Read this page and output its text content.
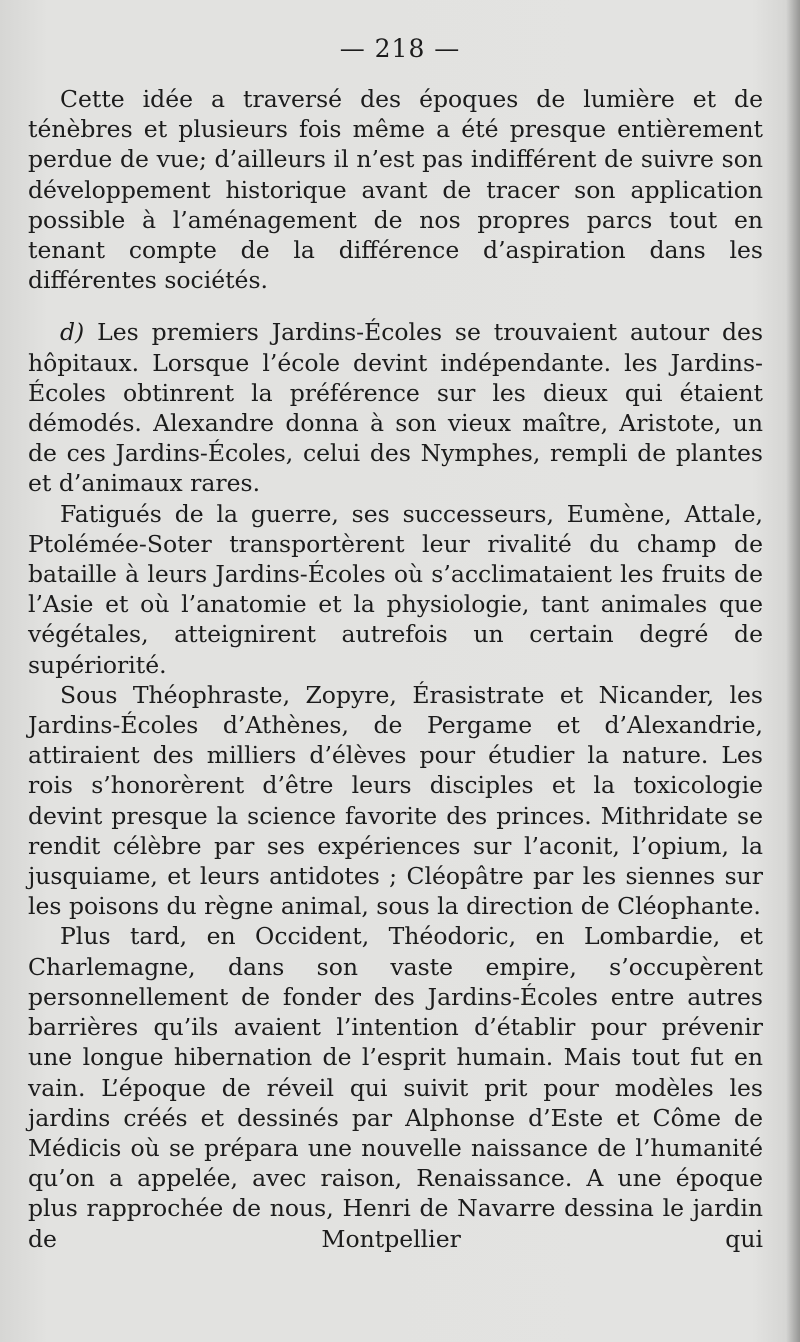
— 218 —

Cette idée a traversé des époques de lumière et de ténèbres et plusieurs fois même a été presque entièrement perdue de vue; d’ailleurs il n’est pas indifférent de suivre son développement historique avant de tracer son application possible à l’aménagement de nos propres parcs tout en tenant compte de la différence d’aspiration dans les différentes sociétés.

d) Les premiers Jardins-Écoles se trouvaient autour des hôpitaux. Lorsque l’école devint indépendante. les Jardins-Écoles obtinrent la préférence sur les dieux qui étaient démodés. Alexandre donna à son vieux maître, Aristote, un de ces Jardins-Écoles, celui des Nymphes, rempli de plantes et d’animaux rares.

Fatigués de la guerre, ses successeurs, Eumène, Attale, Ptolémée-Soter transportèrent leur rivalité du champ de bataille à leurs Jardins-Écoles où s’acclimataient les fruits de l’Asie et où l’anatomie et la physiologie, tant animales que végétales, atteignirent autrefois un certain degré de supériorité.

Sous Théophraste, Zopyre, Érasistrate et Nicander, les Jardins-Écoles d’Athènes, de Pergame et d’Alexandrie, attiraient des milliers d’élèves pour étudier la nature. Les rois s’honorèrent d’être leurs disciples et la toxicologie devint presque la science favorite des princes. Mithridate se rendit célèbre par ses expériences sur l’aconit, l’opium, la jusquiame, et leurs antidotes ; Cléopâtre par les siennes sur les poisons du règne animal, sous la direction de Cléophante.

Plus tard, en Occident, Théodoric, en Lombardie, et Charlemagne, dans son vaste empire, s’occupèrent personnellement de fonder des Jardins-Écoles entre autres barrières qu’ils avaient l’intention d’établir pour prévenir une longue hibernation de l’esprit humain. Mais tout fut en vain. L’époque de réveil qui suivit prit pour modèles les jardins créés et dessinés par Alphonse d’Este et Côme de Médicis où se prépara une nouvelle naissance de l’humanité qu’on a appelée, avec raison, Renaissance. A une époque plus rapprochée de nous, Henri de Navarre dessina le jardin de Montpellier qui
